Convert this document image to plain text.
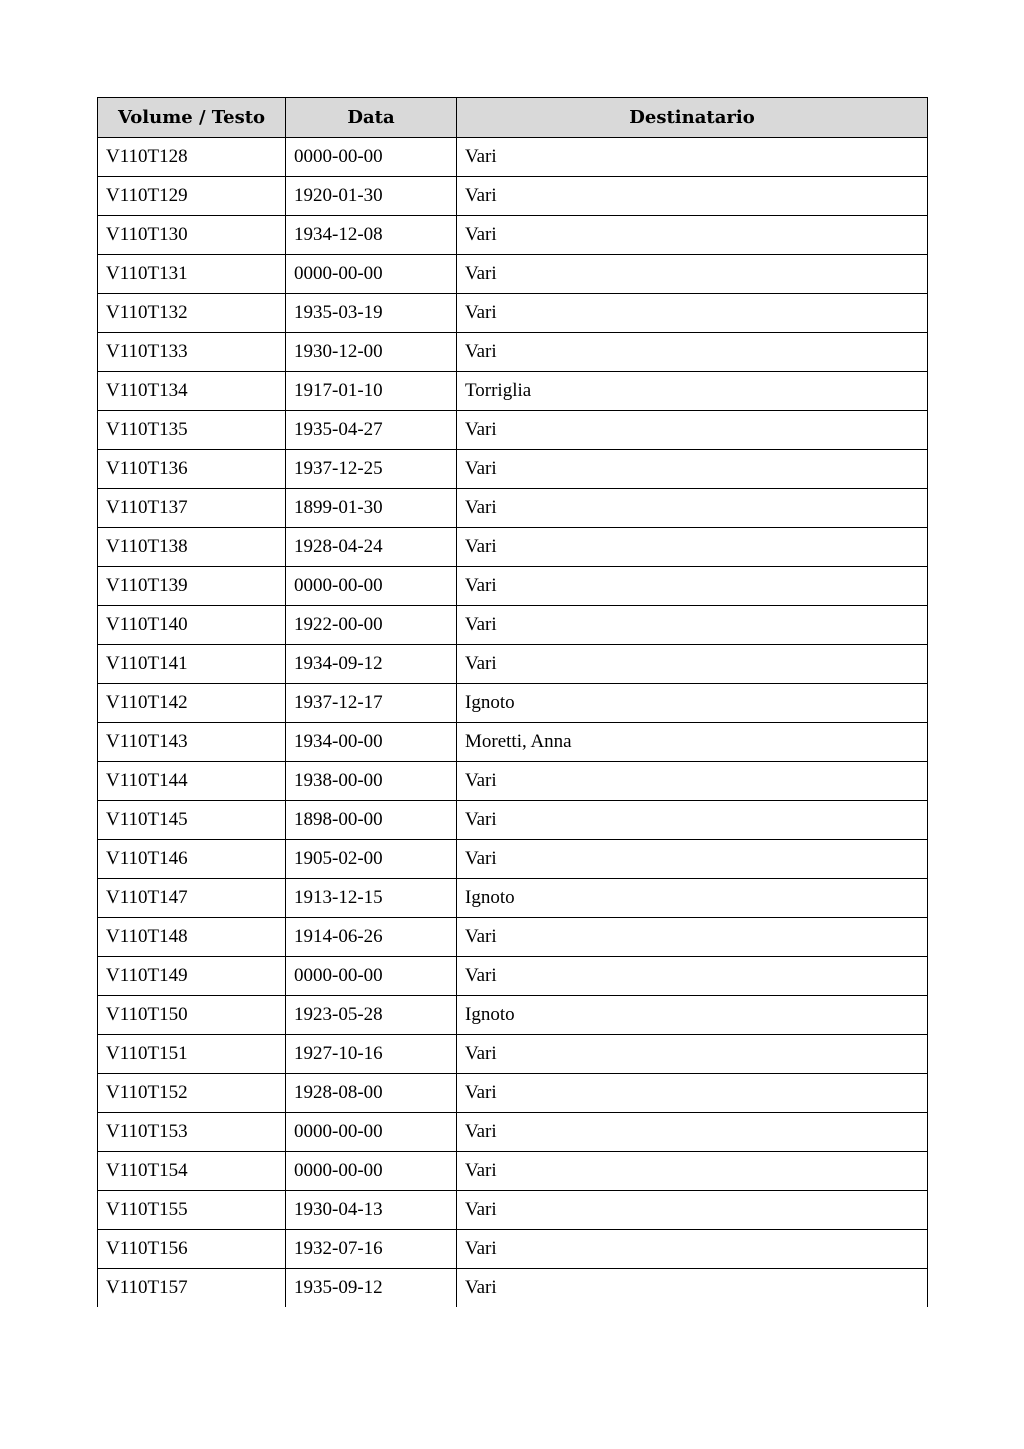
Volume / Testo	Data	Destinatario
V110T128	0000-00-00	Vari
V110T129	1920-01-30	Vari
V110T130	1934-12-08	Vari
V110T131	0000-00-00	Vari
V110T132	1935-03-19	Vari
V110T133	1930-12-00	Vari
V110T134	1917-01-10	Torriglia
V110T135	1935-04-27	Vari
V110T136	1937-12-25	Vari
V110T137	1899-01-30	Vari
V110T138	1928-04-24	Vari
V110T139	0000-00-00	Vari
V110T140	1922-00-00	Vari
V110T141	1934-09-12	Vari
V110T142	1937-12-17	Ignoto
V110T143	1934-00-00	Moretti, Anna
V110T144	1938-00-00	Vari
V110T145	1898-00-00	Vari
V110T146	1905-02-00	Vari
V110T147	1913-12-15	Ignoto
V110T148	1914-06-26	Vari
V110T149	0000-00-00	Vari
V110T150	1923-05-28	Ignoto
V110T151	1927-10-16	Vari
V110T152	1928-08-00	Vari
V110T153	0000-00-00	Vari
V110T154	0000-00-00	Vari
V110T155	1930-04-13	Vari
V110T156	1932-07-16	Vari
V110T157	1935-09-12	Vari
